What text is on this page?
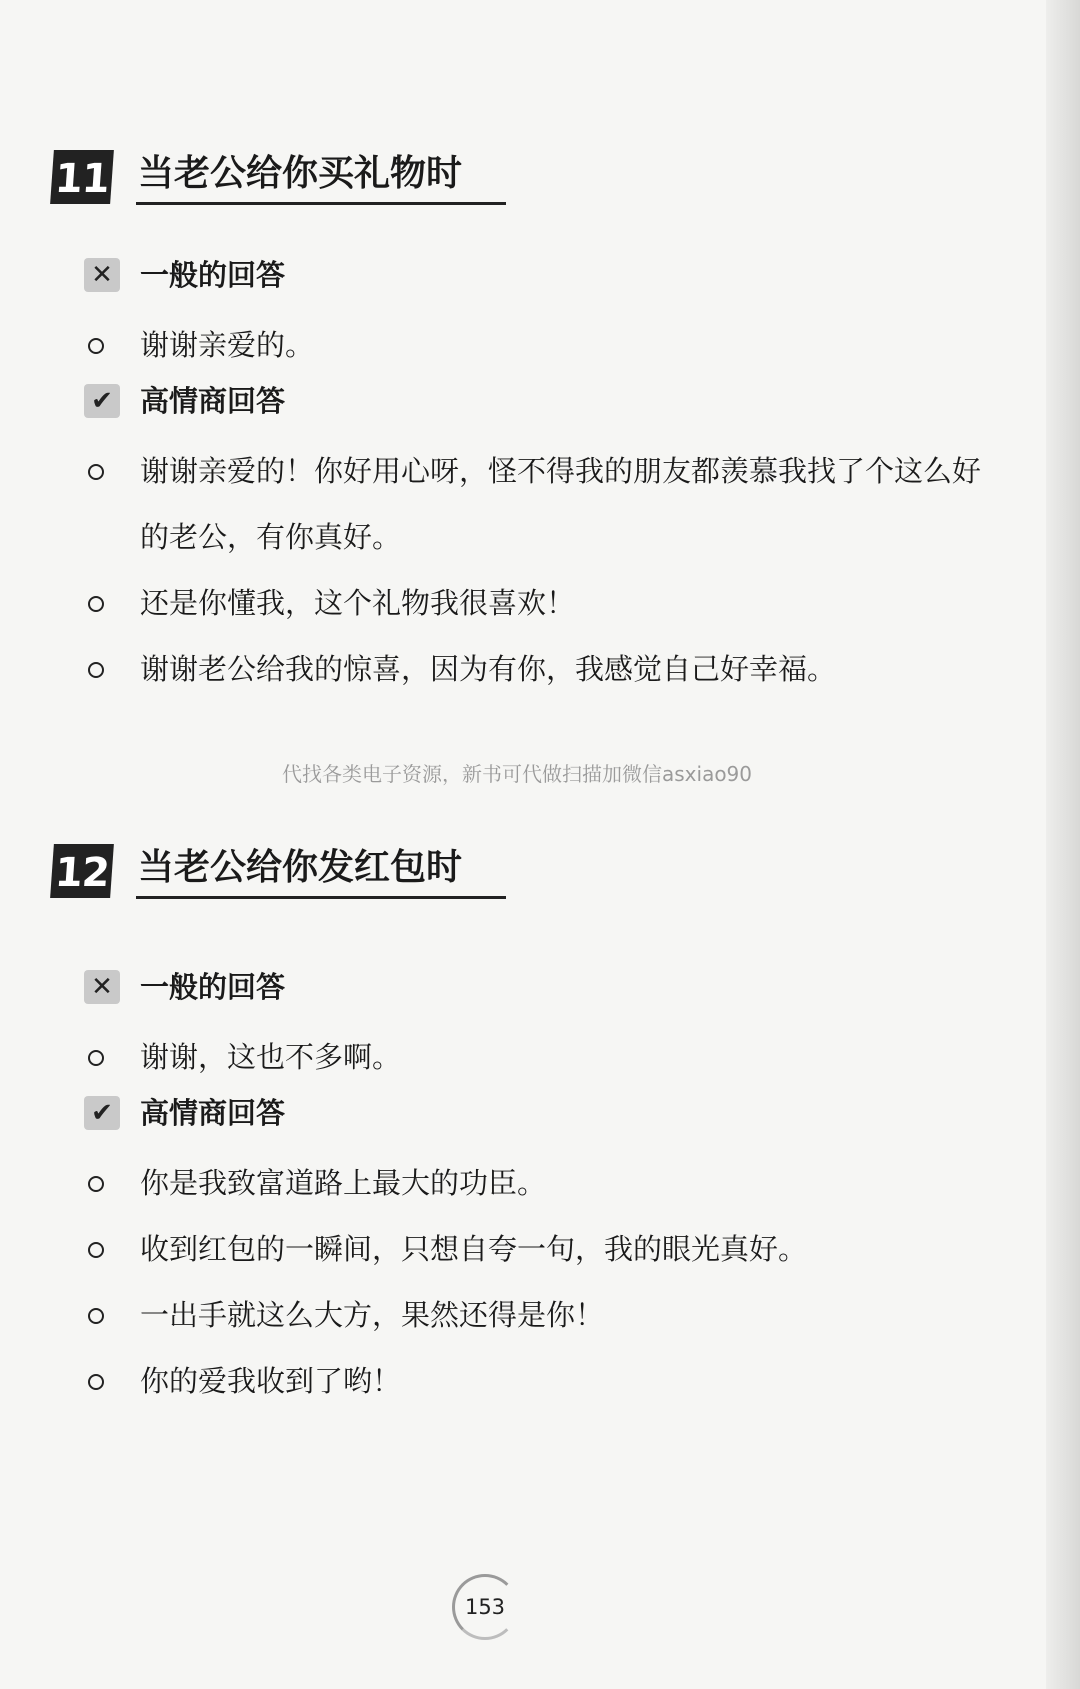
11 当老公给你买礼物时
✕ 一般的回答
谢谢亲爱的。
✔ 高情商回答
谢谢亲爱的！你好用心呀，怪不得我的朋友都羡慕我找了个这么好的老公，有你真好。
还是你懂我，这个礼物我很喜欢！
谢谢老公给我的惊喜，因为有你，我感觉自己好幸福。
代找各类电子资源，新书可代做扫描加微信asxiao90
12 当老公给你发红包时
✕ 一般的回答
谢谢，这也不多啊。
✔ 高情商回答
你是我致富道路上最大的功臣。
收到红包的一瞬间，只想自夸一句，我的眼光真好。
一出手就这么大方，果然还得是你！
你的爱我收到了哟！
153
